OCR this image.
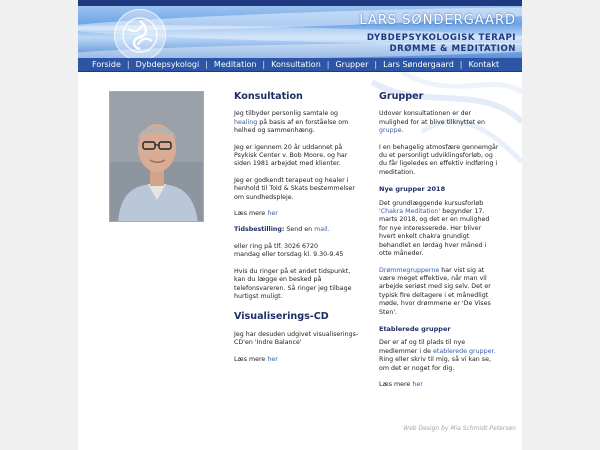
LARS SØNDERGAARD
DYBDEPSYKOLOGISK TERAPI
DRØMME & MEDITATION
Forside | Dybdepsykologi | Meditation | Konsultation | Grupper | Lars Søndergaard | Kontakt
Konsultation

Jeg tilbyder personlig samtale og healing på basis af en forståelse om helhed og sammenhæng.

Jeg er igennem 20 år uddannet på Psykisk Center v. Bob Moore, og har siden 1981 arbejdet med klienter.

Jeg er godkendt terapeut og healer i henhold til Told & Skats bestemmelser om sundhedspleje.

Læs mere her

Tidsbestilling: Send en mail.

eller ring på tlf. 3026 6720
mandag eller torsdag kl. 9.30-9.45

Hvis du ringer på et andet tidspunkt, kan du lægge en besked på telefonsvareren. Så ringer jeg tilbage hurtigst muligt.

Visualiserings-CD

Jeg har desuden udgivet visualiserings-CD'en 'Indre Balance'

Læs mere her

Grupper

Udover konsultationen er der mulighed for at blive tilknyttet en gruppe.

I en behagelig atmosfære gennemgår du et personligt udviklingsforløb, og du får ligeledes en effektiv indføring i meditation.

Nye grupper 2018

Det grundlæggende kursusforløb 'Chakra Meditation' begynder 17. marts 2018, og det er en mulighed for nye interesserede. Her bliver hvert enkelt chakra grundigt behandlet en lørdag hver måned i otte måneder.

Drømmegrupperne har vist sig at være meget effektive, når man vil arbejde seriøst med sig selv. Det er typisk fire deltagere i et månedligt møde, hvor drømmene er 'De Vises Sten'.

Etablerede grupper

Der er af og til plads til nye medlemmer i de etablerede grupper. Ring eller skriv til mig, så vi kan se, om det er noget for dig.

Læs mere her

Web Design by Mia Schmidt-Petersen
